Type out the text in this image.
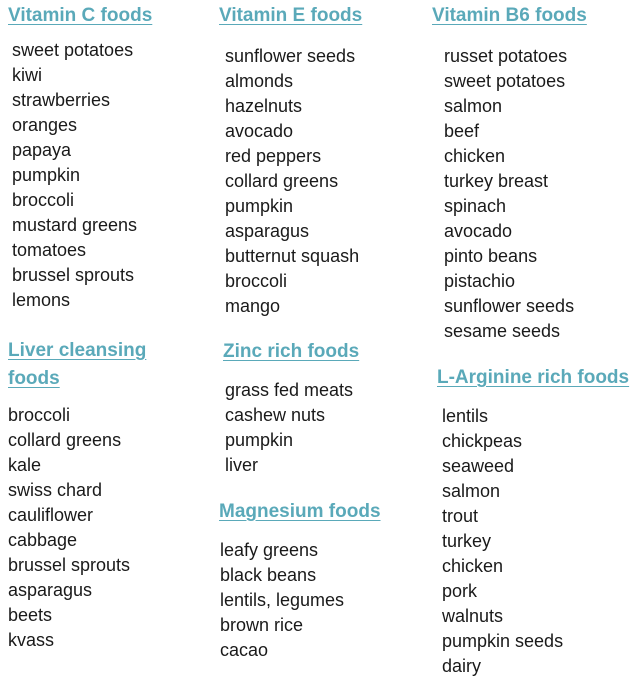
Vitamin C foods
sweet potatoes
kiwi
strawberries
oranges
papaya
pumpkin
broccoli
mustard greens
tomatoes
brussel sprouts
lemons
Vitamin E foods
sunflower seeds
almonds
hazelnuts
avocado
red peppers
collard greens
pumpkin
asparagus
butternut squash
broccoli
mango
Vitamin B6 foods
russet potatoes
sweet potatoes
salmon
beef
chicken
turkey breast
spinach
avocado
pinto beans
pistachio
sunflower seeds
sesame seeds
Liver cleansing
foods
broccoli
collard greens
kale
swiss chard
cauliflower
cabbage
brussel sprouts
asparagus
beets
kvass
Zinc rich foods
grass fed meats
cashew nuts
pumpkin
liver
Magnesium foods
leafy greens
black beans
lentils, legumes
brown rice
cacao
L-Arginine rich foods
lentils
chickpeas
seaweed
salmon
trout
turkey
chicken
pork
walnuts
pumpkin seeds
dairy
